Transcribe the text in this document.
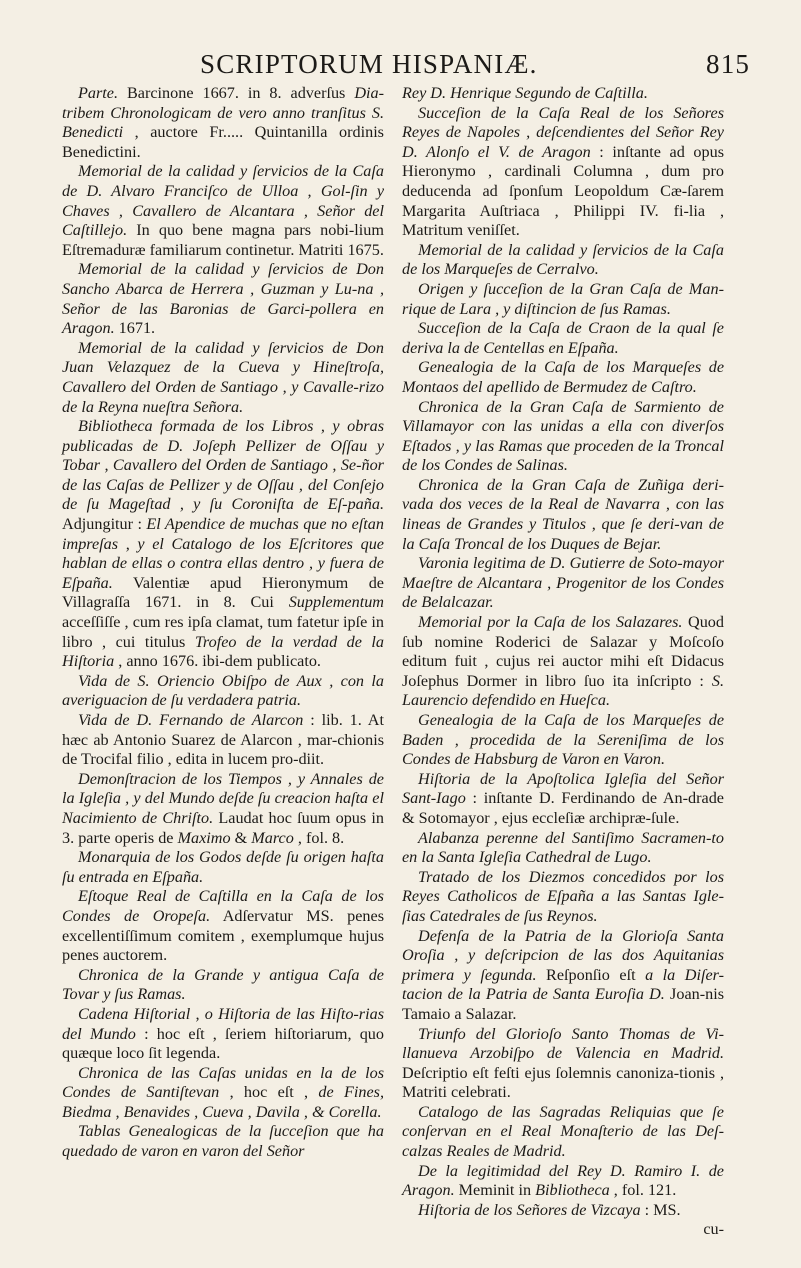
SCRIPTORUM HISPANIÆ.	815

Parte. Barcinone 1667. in 8. adverſus Dia-tribem Chronologicam de vero anno tranſitus S. Benedicti , auctore Fr..... Quintanilla ordinis Benedictini.

Memorial de la calidad y ſervicios de la Caſa de D. Alvaro Franciſco de Ulloa , Gol-ſin y Chaves , Cavallero de Alcantara , Señor del Caſtillejo. In quo bene magna pars nobi-lium Eſtremaduræ familiarum continetur. Matriti 1675.

Memorial de la calidad y ſervicios de Don Sancho Abarca de Herrera , Guzman y Lu-na , Señor de las Baronias de Garci-pollera en Aragon. 1671.

Memorial de la calidad y ſervicios de Don Juan Velazquez de la Cueva y Hineſtroſa, Cavallero del Orden de Santiago , y Cavalle-rizo de la Reyna nueſtra Señora.

Bibliotheca formada de los Libros , y obras publicadas de D. Joſeph Pellizer de Oſſau y Tobar , Cavallero del Orden de Santiago , Se-ñor de las Caſas de Pellizer y de Oſſau , del Conſejo de ſu Mageſtad , y ſu Coroniſta de Eſ-paña. Adjungitur : El Apendice de muchas que no eſtan impreſas , y el Catalogo de los Eſcritores que hablan de ellas o contra ellas dentro , y fuera de Eſpaña. Valentiæ apud Hieronymum de Villagraſſa 1671. in 8. Cui Supplementum acceſſiſſe , cum res ipſa clamat, tum fatetur ipſe in libro , cui titulus Trofeo de la verdad de la Hiſtoria , anno 1676. ibi-dem publicato.

Vida de S. Oriencio Obiſpo de Aux , con la averiguacion de ſu verdadera patria.

Vida de D. Fernando de Alarcon : lib. 1. At hæc ab Antonio Suarez de Alarcon , mar-chionis de Trocifal filio , edita in lucem pro-diit.

Demonſtracion de los Tiempos , y Annales de la Igleſia , y del Mundo deſde ſu creacion haſta el Nacimiento de Chriſto. Laudat hoc ſuum opus in 3. parte operis de Maximo & Marco , fol. 8.

Monarquia de los Godos deſde ſu origen haſta ſu entrada en Eſpaña.

Eſtoque Real de Caſtilla en la Caſa de los Condes de Oropeſa. Adſervatur MS. penes excellentiſſimum comitem , exemplumque hujus penes auctorem.

Chronica de la Grande y antigua Caſa de Tovar y ſus Ramas.

Cadena Hiſtorial , o Hiſtoria de las Hiſto-rias del Mundo : hoc eſt , ſeriem hiſtoriarum, quo quæque loco ſit legenda.

Chronica de las Caſas unidas en la de los Condes de Santiſtevan , hoc eſt , de Fines, Biedma , Benavides , Cueva , Davila , & Corella.

Tablas Genealogicas de la ſucceſion que ha quedado de varon en varon del Señor

Rey D. Henrique Segundo de Caſtilla.

Succeſion de la Caſa Real de los Señores Reyes de Napoles , deſcendientes del Señor Rey D. Alonſo el V. de Aragon : inſtante ad opus Hieronymo , cardinali Columna , dum pro deducenda ad ſponſum Leopoldum Cæ-ſarem Margarita Auſtriaca , Philippi IV. fi-lia , Matritum veniſſet.

Memorial de la calidad y ſervicios de la Caſa de los Marqueſes de Cerralvo.

Origen y ſucceſion de la Gran Caſa de Man-rique de Lara , y diſtincion de ſus Ramas.

Succeſion de la Caſa de Craon de la qual ſe deriva la de Centellas en Eſpaña.

Genealogia de la Caſa de los Marqueſes de Montaos del apellido de Bermudez de Caſtro.

Chronica de la Gran Caſa de Sarmiento de Villamayor con las unidas a ella con diverſos Eſtados , y las Ramas que proceden de la Troncal de los Condes de Salinas.

Chronica de la Gran Caſa de Zuñiga deri-vada dos veces de la Real de Navarra , con las lineas de Grandes y Titulos , que ſe deri-van de la Caſa Troncal de los Duques de Bejar.

Varonia legitima de D. Gutierre de Soto-mayor Maeſtre de Alcantara , Progenitor de los Condes de Belalcazar.

Memorial por la Caſa de los Salazares. Quod ſub nomine Roderici de Salazar y Moſcoſo editum fuit , cujus rei auctor mihi eſt Didacus Joſephus Dormer in libro ſuo ita inſcripto : S. Laurencio defendido en Hueſca.

Genealogia de la Caſa de los Marqueſes de Baden , procedida de la Sereniſima de los Condes de Habsburg de Varon en Varon.

Hiſtoria de la Apoſtolica Igleſia del Señor Sant-Iago : inſtante D. Ferdinando de An-drade & Sotomayor , ejus eccleſiæ archipræ-ſule.

Alabanza perenne del Santiſimo Sacramen-to en la Santa Igleſia Cathedral de Lugo.

Tratado de los Diezmos concedidos por los Reyes Catholicos de Eſpaña a las Santas Igle-ſias Catedrales de ſus Reynos.

Defenſa de la Patria de la Glorioſa Santa Oroſia , y deſcripcion de las dos Aquitanias primera y ſegunda. Reſponſio eſt a la Diſer-tacion de la Patria de Santa Euroſia D. Joan-nis Tamaio a Salazar.

Triunfo del Glorioſo Santo Thomas de Vi-llanueva Arzobiſpo de Valencia en Madrid. Deſcriptio eſt feſti ejus ſolemnis canoniza-tionis , Matriti celebrati.

Catalogo de las Sagradas Reliquias que ſe conſervan en el Real Monaſterio de las Deſ-calzas Reales de Madrid.

De la legitimidad del Rey D. Ramiro I. de Aragon. Meminit in Bibliotheca , fol. 121.

Hiſtoria de los Señores de Vizcaya : MS.

cu-
